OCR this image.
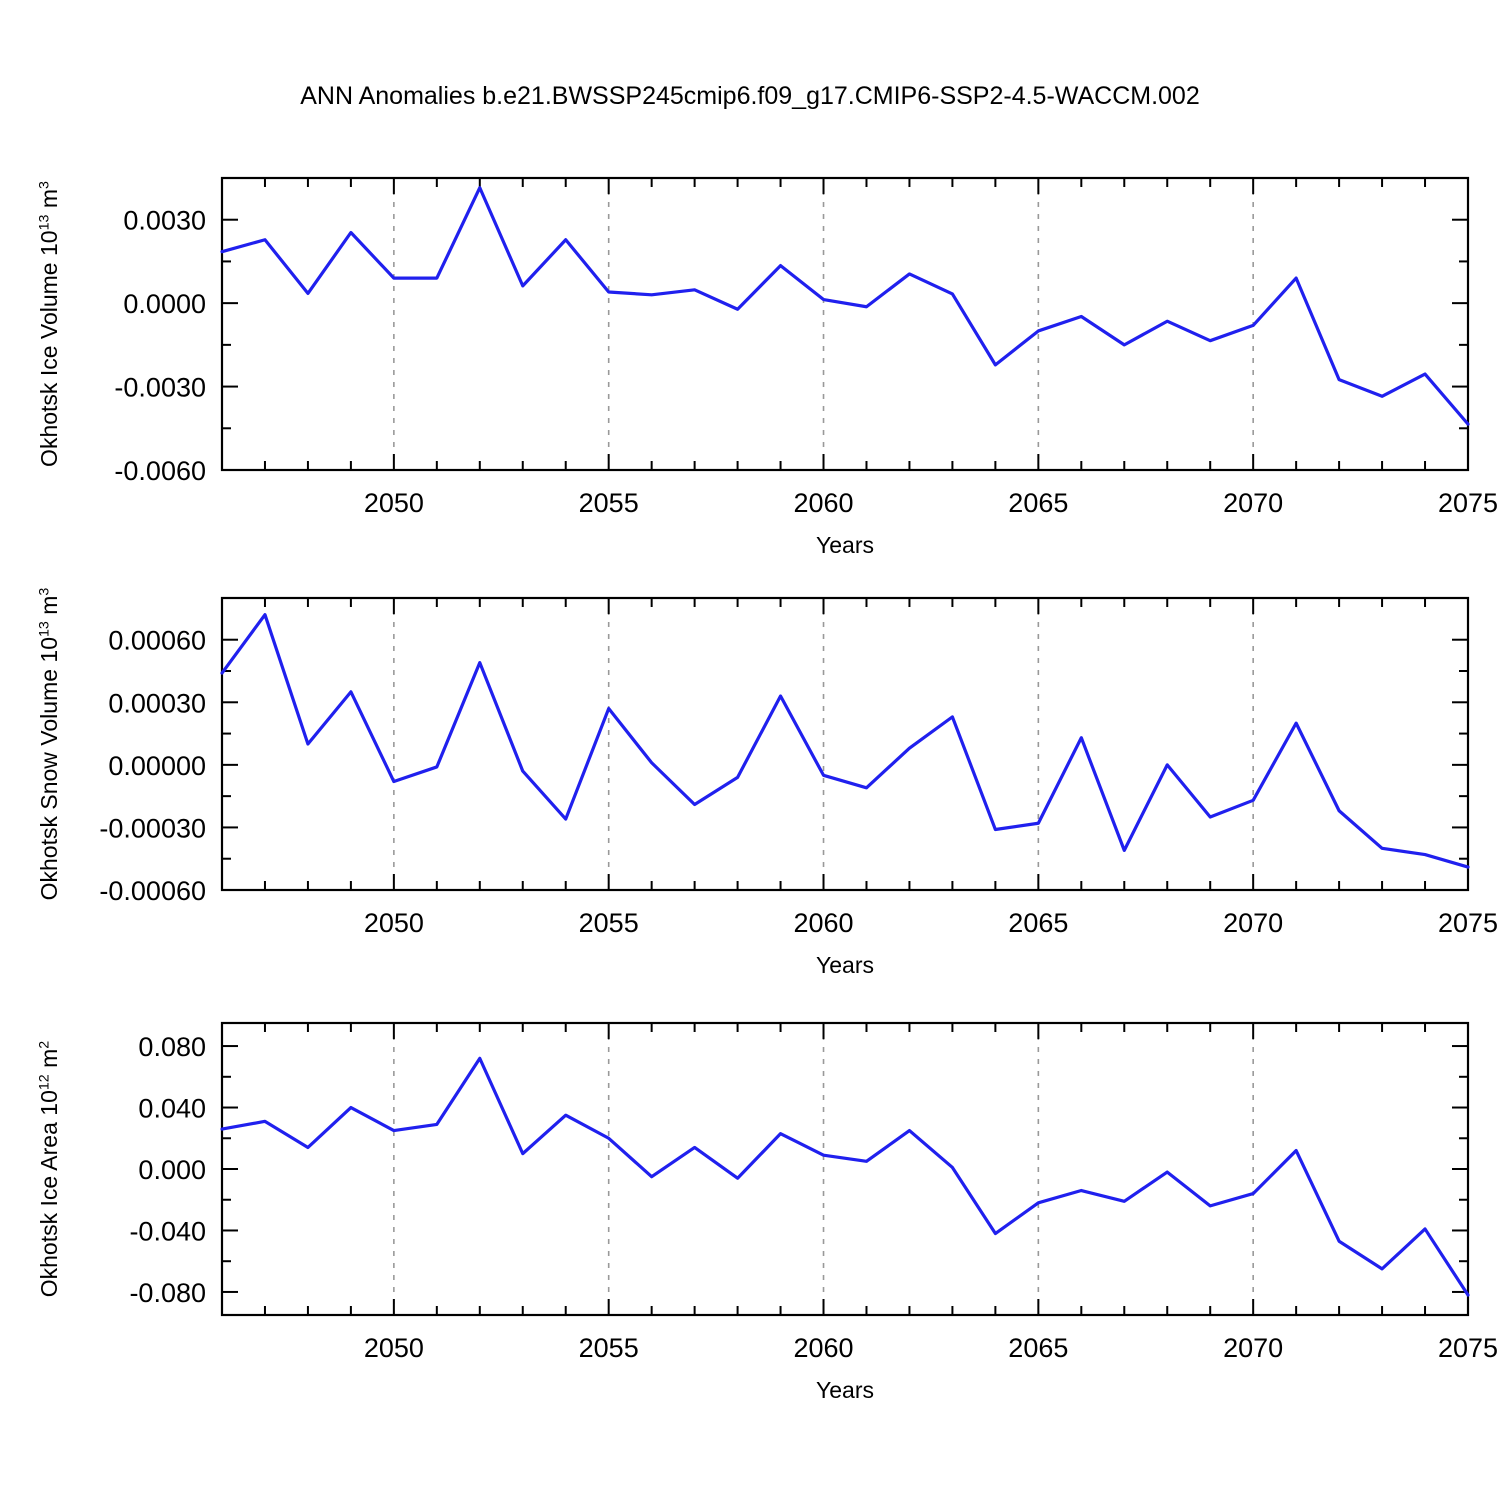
ANN Anomalies b.e21.BWSSP245cmip6.f09_g17.CMIP6-SSP2-4.5-WACCM.002
2050	2055	2060	2065	2070	2075
-0.0060
-0.0030
0.0000
0.0030
Okhotsk Ice Volume $10^{13}$ $m^3$
Years
2050	2055	2060	2065	2070	2075
-0.00060
-0.00030
0.00000
0.00030
0.00060
Okhotsk Snow Volume $10^{13}$ $m^3$
Years
2050	2055	2060	2065	2070	2075
-0.080
-0.040
0.000
0.040
0.080
Okhotsk Ice Area $10^{12}$ $m^2$
Years
